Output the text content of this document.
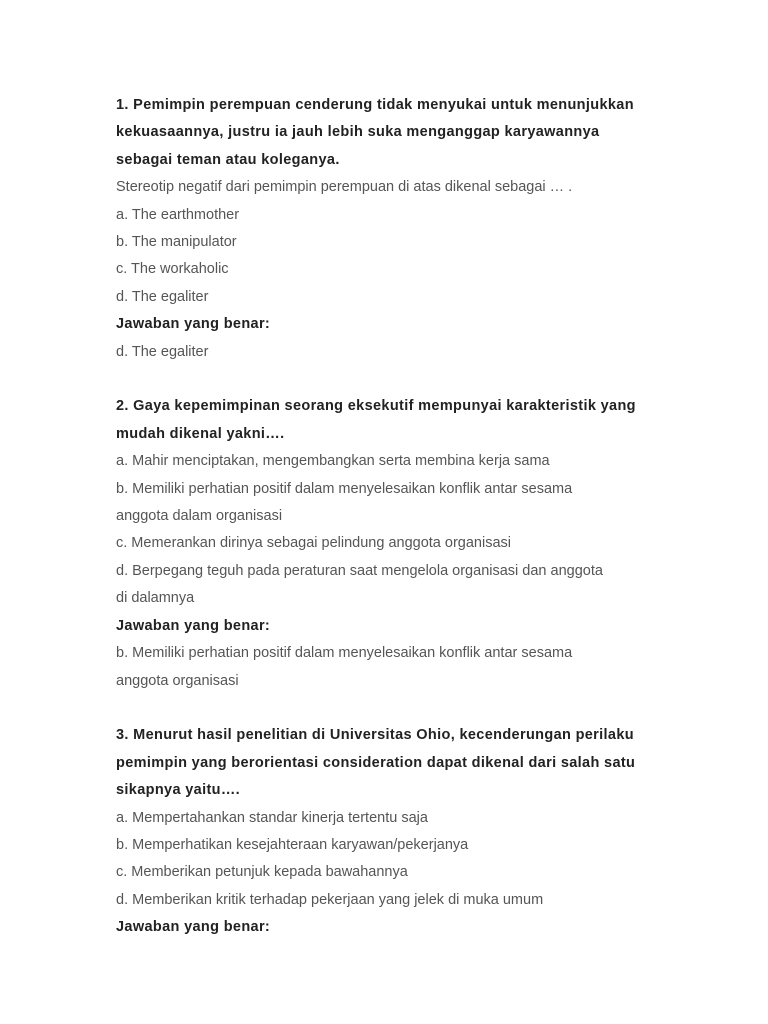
1. Pemimpin perempuan cenderung tidak menyukai untuk menunjukkan
kekuasaannya, justru ia jauh lebih suka menganggap karyawannya
sebagai teman atau koleganya.
Stereotip negatif dari pemimpin perempuan di atas dikenal sebagai … .
a. The earthmother
b. The manipulator
c. The workaholic
d. The egaliter
Jawaban yang benar:
d. The egaliter
2. Gaya kepemimpinan seorang eksekutif mempunyai karakteristik yang
mudah dikenal yakni….
a. Mahir menciptakan, mengembangkan serta membina kerja sama
b. Memiliki perhatian positif dalam menyelesaikan konflik antar sesama
anggota dalam organisasi
c. Memerankan dirinya sebagai pelindung anggota organisasi
d. Berpegang teguh pada peraturan saat mengelola organisasi dan anggota
di dalamnya
Jawaban yang benar:
b. Memiliki perhatian positif dalam menyelesaikan konflik antar sesama
anggota organisasi
3. Menurut hasil penelitian di Universitas Ohio, kecenderungan perilaku
pemimpin yang berorientasi consideration dapat dikenal dari salah satu
sikapnya yaitu….
a. Mempertahankan standar kinerja tertentu saja
b. Memperhatikan kesejahteraan karyawan/pekerjanya
c. Memberikan petunjuk kepada bawahannya
d. Memberikan kritik terhadap pekerjaan yang jelek di muka umum
Jawaban yang benar:
